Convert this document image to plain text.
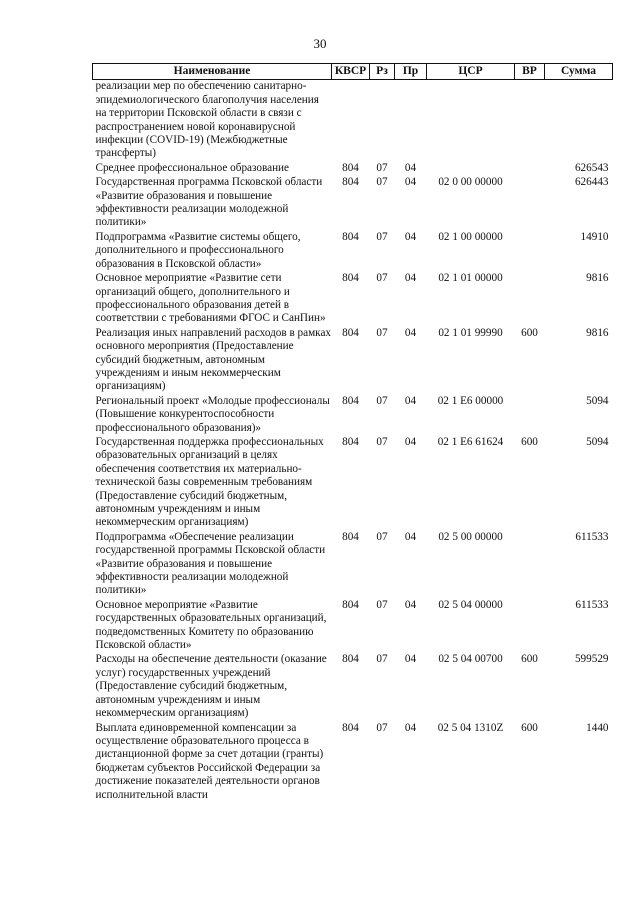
30
Наименование	КВСР	Рз	Пр	ЦСР	ВР	Сумма
реализации мер по обеспечению санитарно-эпидемиологического благополучия населения на территории Псковской области в связи с распространением новой коронавирусной инфекции (COVID-19) (Межбюджетные трансферты)						
Среднее профессиональное образование	804	07	04			626543
Государственная программа Псковской области «Развитие образования и повышение эффективности реализации молодежной политики»	804	07	04	02 0 00 00000		626443
Подпрограмма «Развитие системы общего, дополнительного и профессионального образования в Псковской области»	804	07	04	02 1 00 00000		14910
Основное мероприятие «Развитие сети организаций общего, дополнительного и профессионального образования детей в соответствии с требованиями ФГОС и СанПин»	804	07	04	02 1 01 00000		9816
Реализация иных направлений расходов в рамках основного мероприятия (Предоставление субсидий бюджетным, автономным учреждениям и иным некоммерческим организациям)	804	07	04	02 1 01 99990	600	9816
Региональный проект «Молодые профессионалы (Повышение конкурентоспособности профессионального образования)»	804	07	04	02 1 E6 00000		5094
Государственная поддержка профессиональных образовательных организаций в целях обеспечения соответствия их материально-технической базы современным требованиям (Предоставление субсидий бюджетным, автономным учреждениям и иным некоммерческим организациям)	804	07	04	02 1 E6 61624	600	5094
Подпрограмма «Обеспечение реализации государственной программы Псковской области «Развитие образования и повышение эффективности реализации молодежной политики»	804	07	04	02 5 00 00000		611533
Основное мероприятие «Развитие государственных образовательных организаций, подведомственных Комитету по образованию Псковской области»	804	07	04	02 5 04 00000		611533
Расходы на обеспечение деятельности (оказание услуг) государственных учреждений (Предоставление субсидий бюджетным, автономным учреждениям и иным некоммерческим организациям)	804	07	04	02 5 04 00700	600	599529
Выплата единовременной компенсации за осуществление образовательного процесса в дистанционной форме за счет дотации (гранты) бюджетам субъектов Российской Федерации за достижение показателей деятельности органов исполнительной власти	804	07	04	02 5 04 1310Z	600	1440
